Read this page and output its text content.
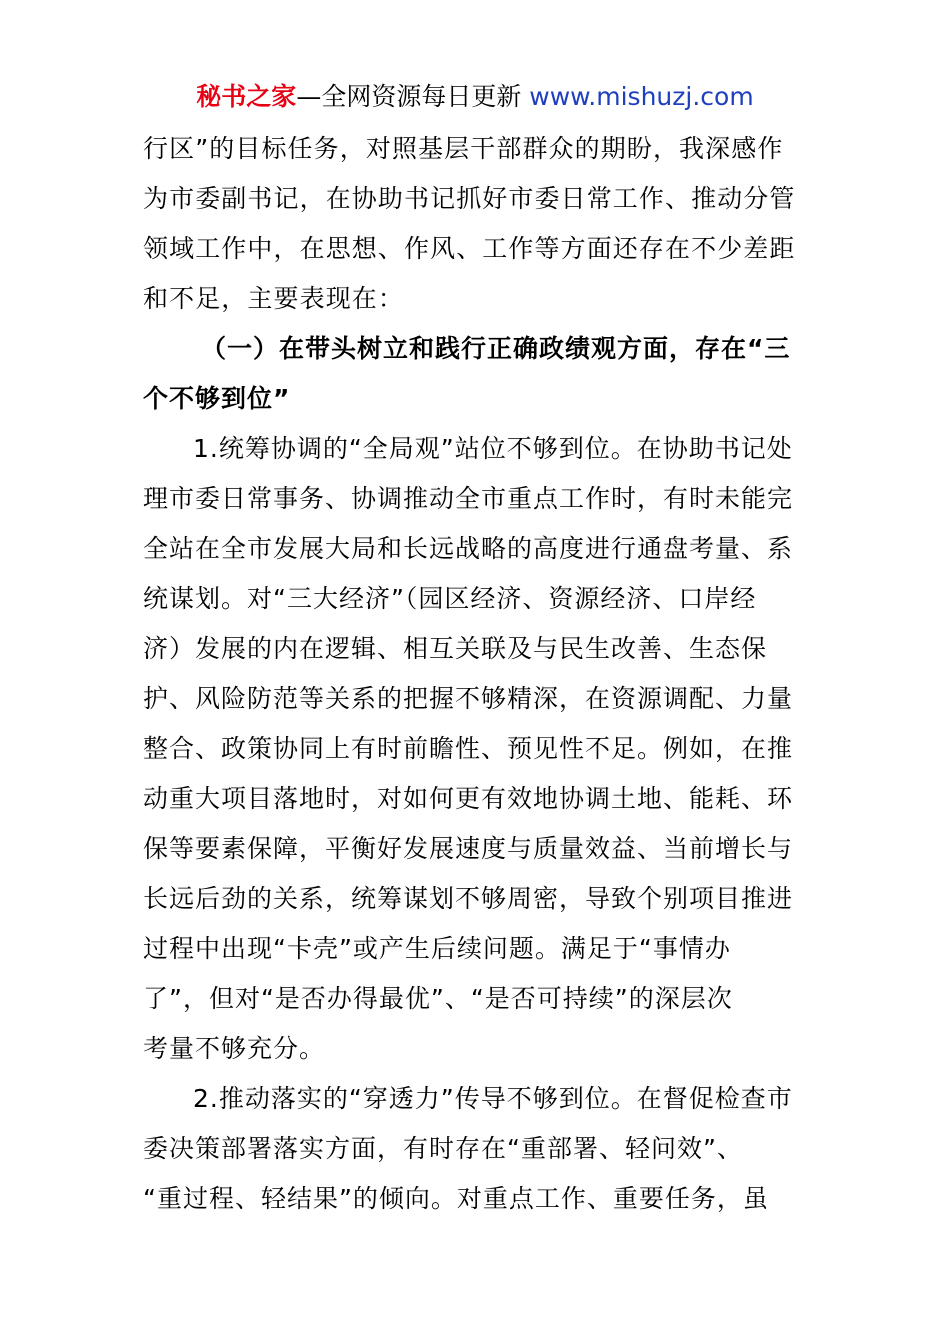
秘书之家—全网资源每日更新 www.mishuzj.com
行区”的目标任务，对照基层干部群众的期盼，我深感作
为市委副书记，在协助书记抓好市委日常工作、推动分管
领域工作中，在思想、作风、工作等方面还存在不少差距
和不足，主要表现在：
（一）在带头树立和践行正确政绩观方面，存在“三
个不够到位”
1.统筹协调的“全局观”站位不够到位。在协助书记处
理市委日常事务、协调推动全市重点工作时，有时未能完
全站在全市发展大局和长远战略的高度进行通盘考量、系
统谋划。对“三大经济”（园区经济、资源经济、口岸经
济）发展的内在逻辑、相互关联及与民生改善、生态保
护、风险防范等关系的把握不够精深，在资源调配、力量
整合、政策协同上有时前瞻性、预见性不足。例如，在推
动重大项目落地时，对如何更有效地协调土地、能耗、环
保等要素保障，平衡好发展速度与质量效益、当前增长与
长远后劲的关系，统筹谋划不够周密，导致个别项目推进
过程中出现“卡壳”或产生后续问题。满足于“事情办
了”，但对“是否办得最优”、“是否可持续”的深层次
考量不够充分。
2.推动落实的“穿透力”传导不够到位。在督促检查市
委决策部署落实方面，有时存在“重部署、轻问效”、
“重过程、轻结果”的倾向。对重点工作、重要任务，虽
